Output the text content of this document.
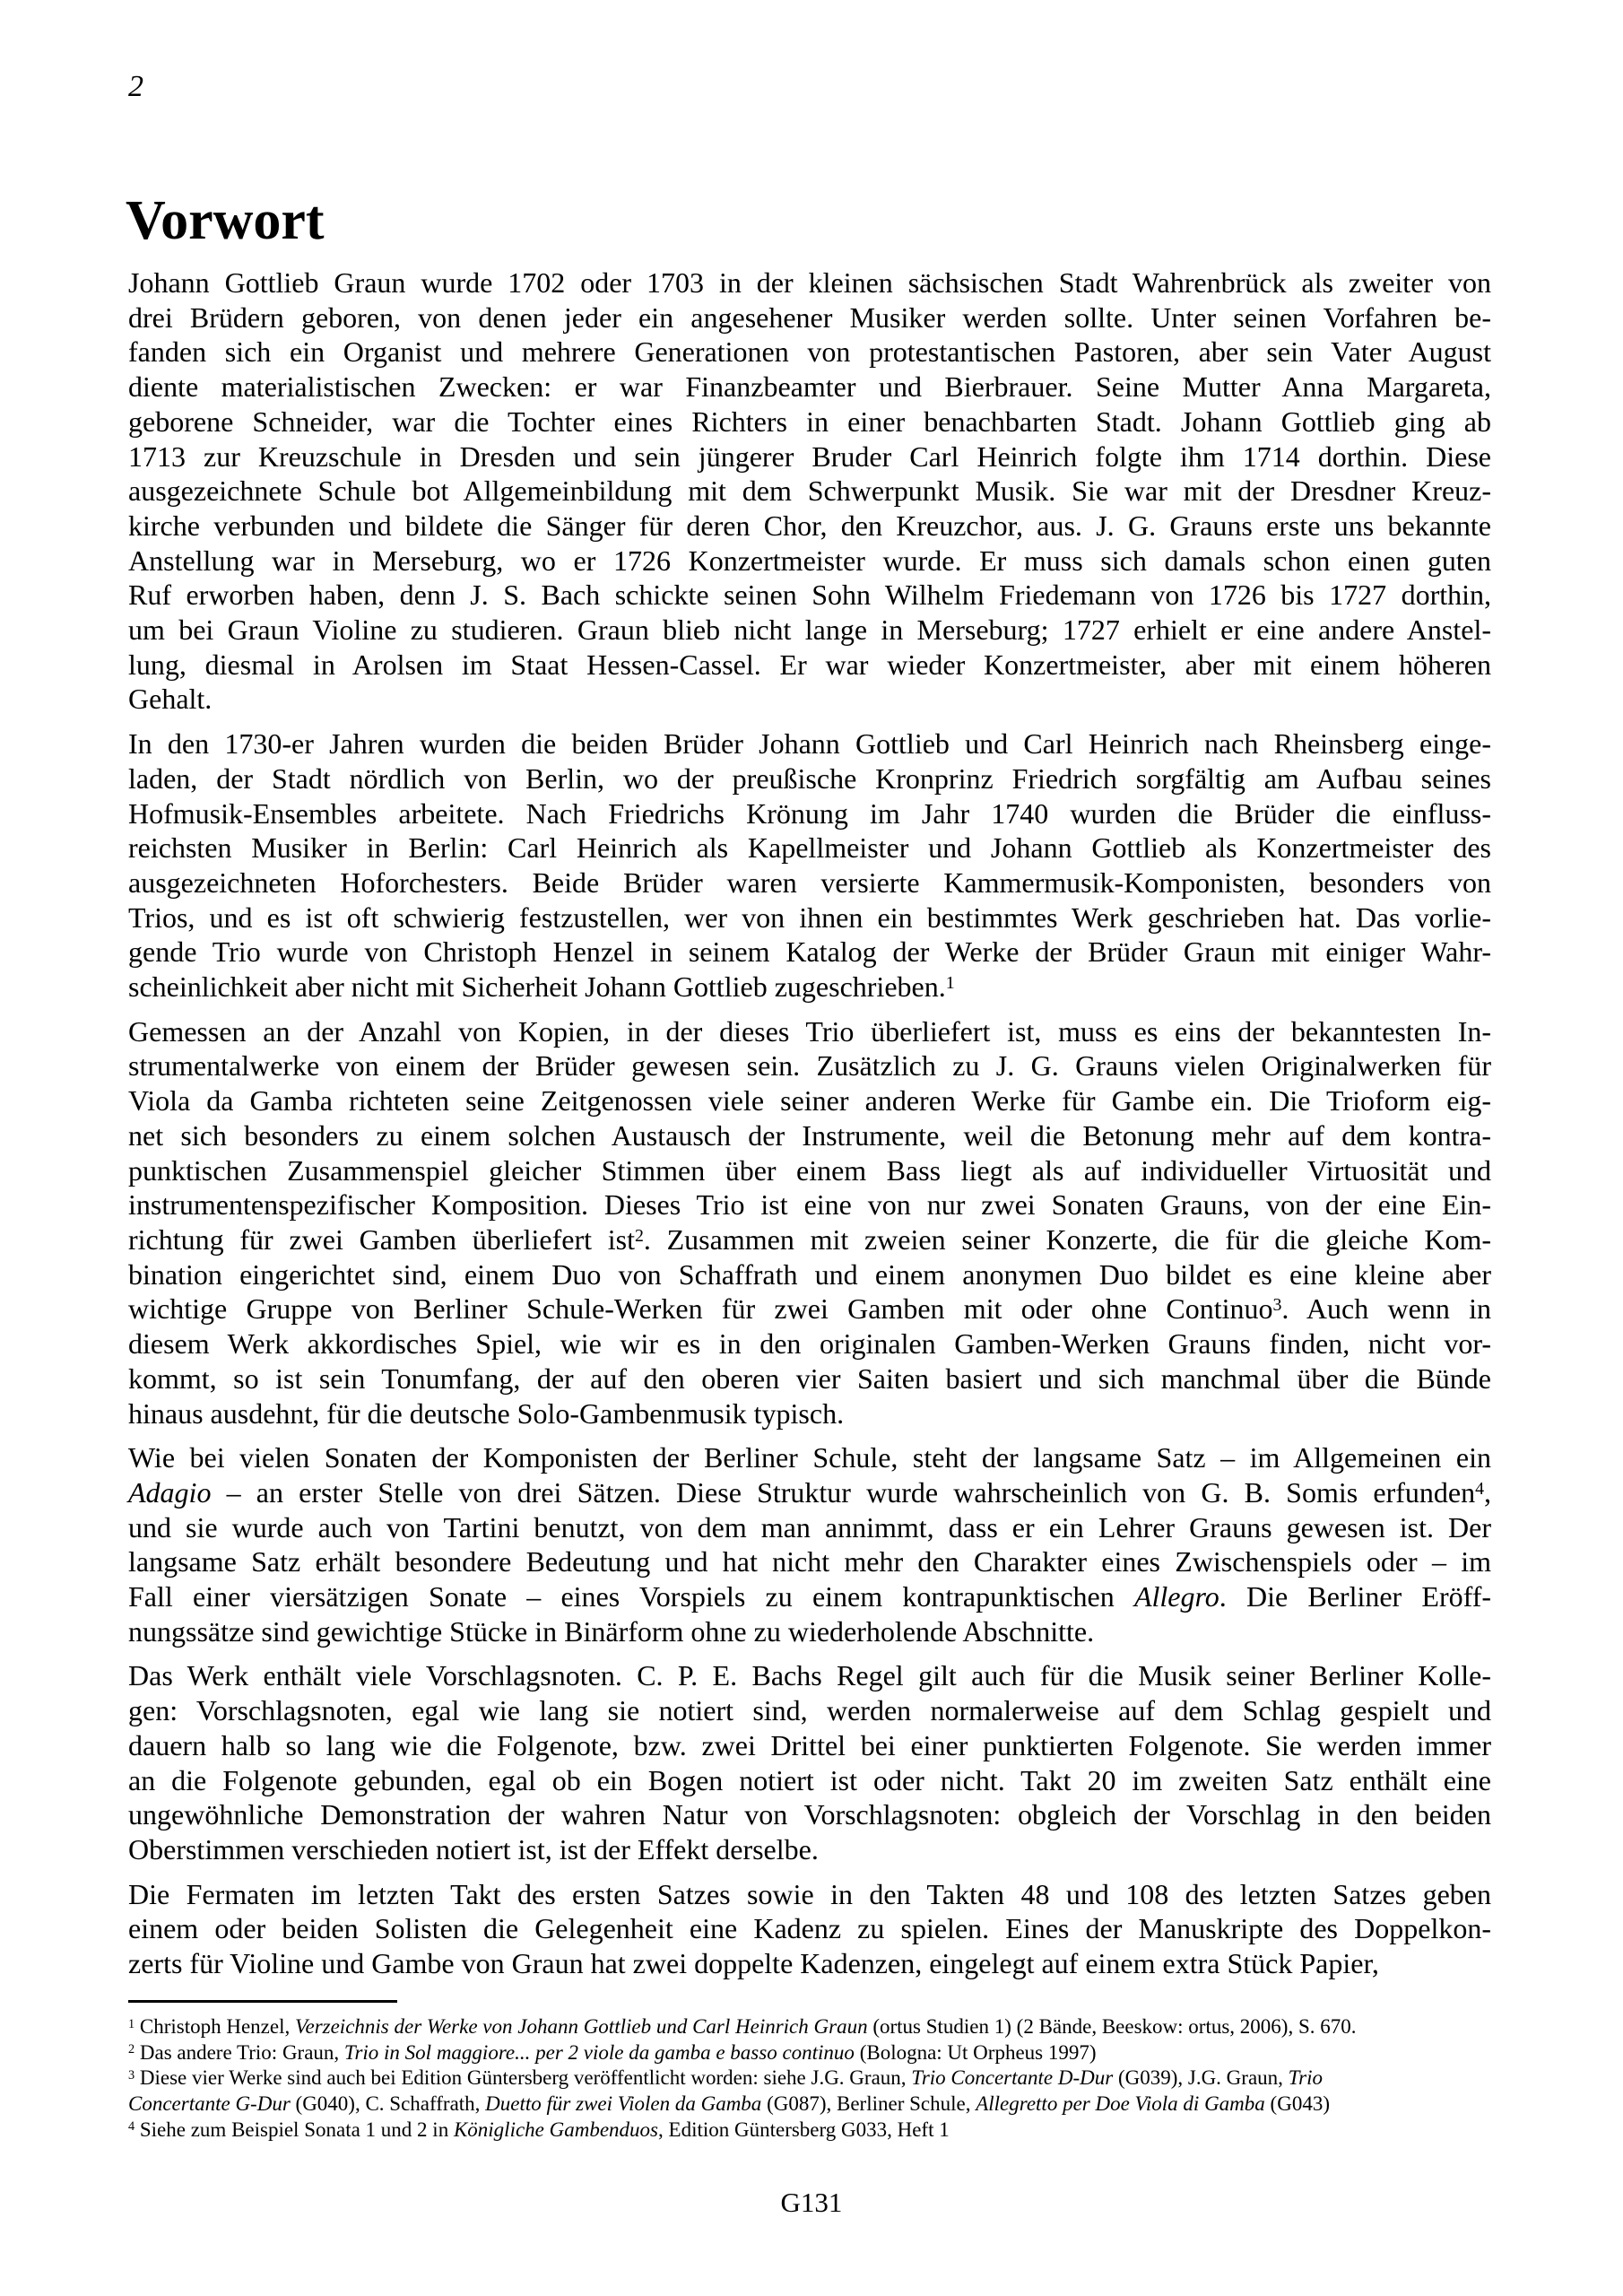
2
Vorwort
Johann Gottlieb Graun wurde 1702 oder 1703 in der kleinen sächsischen Stadt Wahrenbrück als zweiter von
drei Brüdern geboren, von denen jeder ein angesehener Musiker werden sollte. Unter seinen Vorfahren be-
fanden sich ein Organist und mehrere Generationen von protestantischen Pastoren, aber sein Vater August
diente materialistischen Zwecken: er war Finanzbeamter und Bierbrauer. Seine Mutter Anna Margareta,
geborene Schneider, war die Tochter eines Richters in einer benachbarten Stadt. Johann Gottlieb ging ab
1713 zur Kreuzschule in Dresden und sein jüngerer Bruder Carl Heinrich folgte ihm 1714 dorthin. Diese
ausgezeichnete Schule bot Allgemeinbildung mit dem Schwerpunkt Musik. Sie war mit der Dresdner Kreuz-
kirche verbunden und bildete die Sänger für deren Chor, den Kreuzchor, aus. J. G. Grauns erste uns bekannte
Anstellung war in Merseburg, wo er 1726 Konzertmeister wurde. Er muss sich damals schon einen guten
Ruf erworben haben, denn J. S. Bach schickte seinen Sohn Wilhelm Friedemann von 1726 bis 1727 dorthin,
um bei Graun Violine zu studieren. Graun blieb nicht lange in Merseburg; 1727 erhielt er eine andere Anstel-
lung, diesmal in Arolsen im Staat Hessen-Cassel. Er war wieder Konzertmeister, aber mit einem höheren
Gehalt.
In den 1730-er Jahren wurden die beiden Brüder Johann Gottlieb und Carl Heinrich nach Rheinsberg einge-
laden, der Stadt nördlich von Berlin, wo der preußische Kronprinz Friedrich sorgfältig am Aufbau seines
Hofmusik-Ensembles arbeitete. Nach Friedrichs Krönung im Jahr 1740 wurden die Brüder die einfluss-
reichsten Musiker in Berlin: Carl Heinrich als Kapellmeister und Johann Gottlieb als Konzertmeister des
ausgezeichneten Hoforchesters. Beide Brüder waren versierte Kammermusik-Komponisten, besonders von
Trios, und es ist oft schwierig festzustellen, wer von ihnen ein bestimmtes Werk geschrieben hat. Das vorlie-
gende Trio wurde von Christoph Henzel in seinem Katalog der Werke der Brüder Graun mit einiger Wahr-
scheinlichkeit aber nicht mit Sicherheit Johann Gottlieb zugeschrieben.$^1$
Gemessen an der Anzahl von Kopien, in der dieses Trio überliefert ist, muss es eins der bekanntesten In-
strumentalwerke von einem der Brüder gewesen sein. Zusätzlich zu J. G. Grauns vielen Originalwerken für
Viola da Gamba richteten seine Zeitgenossen viele seiner anderen Werke für Gambe ein. Die Trioform eig-
net sich besonders zu einem solchen Austausch der Instrumente, weil die Betonung mehr auf dem kontra-
punktischen Zusammenspiel gleicher Stimmen über einem Bass liegt als auf individueller Virtuosität und
instrumentenspezifischer Komposition. Dieses Trio ist eine von nur zwei Sonaten Grauns, von der eine Ein-
richtung für zwei Gamben überliefert ist$^2$. Zusammen mit zweien seiner Konzerte, die für die gleiche Kom-
bination eingerichtet sind, einem Duo von Schaffrath und einem anonymen Duo bildet es eine kleine aber
wichtige Gruppe von Berliner Schule-Werken für zwei Gamben mit oder ohne Continuo$^3$. Auch wenn in
diesem Werk akkordisches Spiel, wie wir es in den originalen Gamben-Werken Grauns finden, nicht vor-
kommt, so ist sein Tonumfang, der auf den oberen vier Saiten basiert und sich manchmal über die Bünde
hinaus ausdehnt, für die deutsche Solo-Gambenmusik typisch.
Wie bei vielen Sonaten der Komponisten der Berliner Schule, steht der langsame Satz – im Allgemeinen ein
Adagio – an erster Stelle von drei Sätzen. Diese Struktur wurde wahrscheinlich von G. B. Somis erfunden$^4$,
und sie wurde auch von Tartini benutzt, von dem man annimmt, dass er ein Lehrer Grauns gewesen ist. Der
langsame Satz erhält besondere Bedeutung und hat nicht mehr den Charakter eines Zwischenspiels oder – im
Fall einer viersätzigen Sonate – eines Vorspiels zu einem kontrapunktischen Allegro. Die Berliner Eröff-
nungssätze sind gewichtige Stücke in Binärform ohne zu wiederholende Abschnitte.
Das Werk enthält viele Vorschlagsnoten. C. P. E. Bachs Regel gilt auch für die Musik seiner Berliner Kolle-
gen: Vorschlagsnoten, egal wie lang sie notiert sind, werden normalerweise auf dem Schlag gespielt und
dauern halb so lang wie die Folgenote, bzw. zwei Drittel bei einer punktierten Folgenote. Sie werden immer
an die Folgenote gebunden, egal ob ein Bogen notiert ist oder nicht. Takt 20 im zweiten Satz enthält eine
ungewöhnliche Demonstration der wahren Natur von Vorschlagsnoten: obgleich der Vorschlag in den beiden
Oberstimmen verschieden notiert ist, ist der Effekt derselbe.
Die Fermaten im letzten Takt des ersten Satzes sowie in den Takten 48 und 108 des letzten Satzes geben
einem oder beiden Solisten die Gelegenheit eine Kadenz zu spielen. Eines der Manuskripte des Doppelkon-
zerts für Violine und Gambe von Graun hat zwei doppelte Kadenzen, eingelegt auf einem extra Stück Papier,
$^1$ Christoph Henzel, Verzeichnis der Werke von Johann Gottlieb und Carl Heinrich Graun (ortus Studien 1) (2 Bände, Beeskow: ortus, 2006), S. 670.
$^2$ Das andere Trio: Graun, Trio in Sol maggiore... per 2 viole da gamba e basso continuo (Bologna: Ut Orpheus 1997)
$^3$ Diese vier Werke sind auch bei Edition Güntersberg veröffentlicht worden: siehe J.G. Graun, Trio Concertante D-Dur (G039), J.G. Graun, Trio
Concertante G-Dur (G040), C. Schaffrath, Duetto für zwei Violen da Gamba (G087), Berliner Schule, Allegretto per Doe Viola di Gamba (G043)
$^4$ Siehe zum Beispiel Sonata 1 und 2 in Königliche Gambenduos, Edition Güntersberg G033, Heft 1
G131
